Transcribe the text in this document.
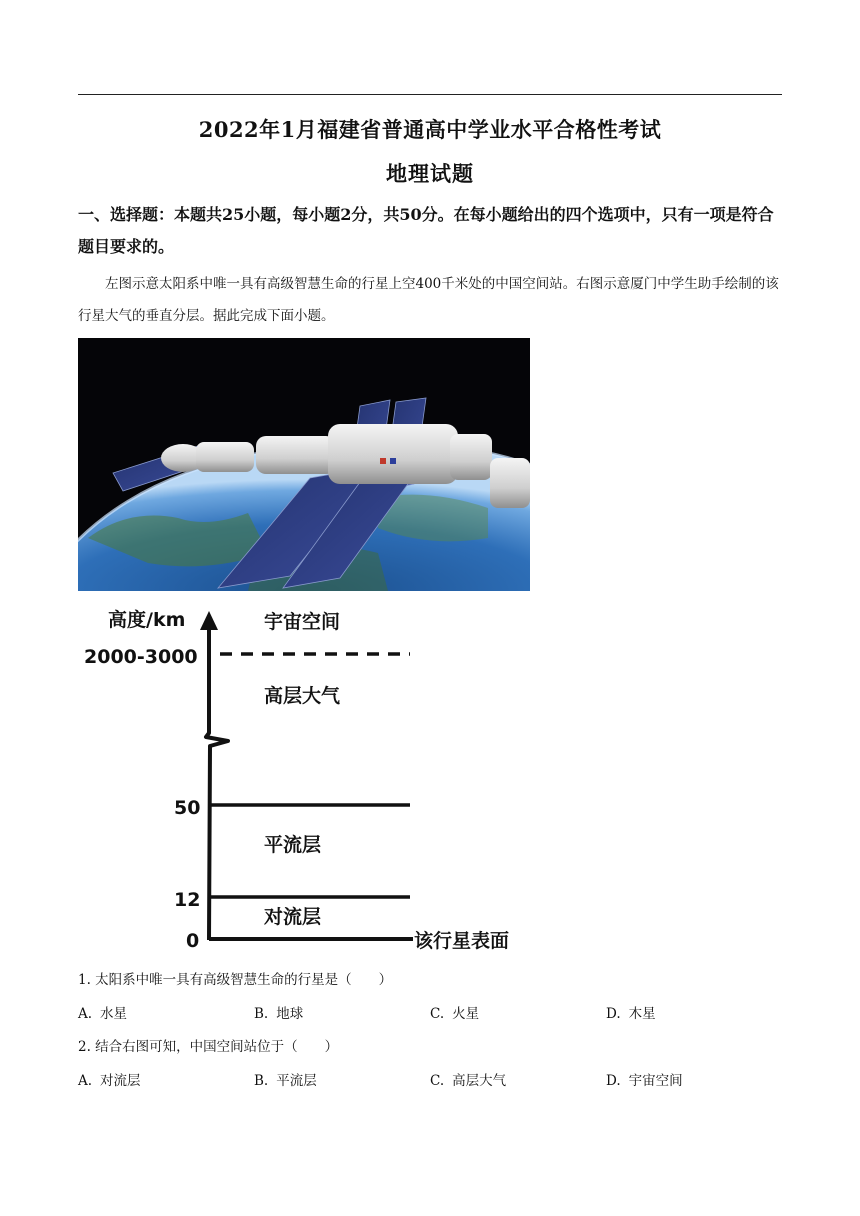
2022年1月福建省普通高中学业水平合格性考试
地理试题
一、选择题：本题共25小题，每小题2分，共50分。在每小题给出的四个选项中，只有一项是符合题目要求的。
左图示意太阳系中唯一具有高级智慧生命的行星上空400千米处的中国空间站。右图示意厦门中学生助手绘制的该行星大气的垂直分层。据此完成下面小题。
高度/km
2000-3000
50
12
0
宇宙空间
高层大气
平流层
对流层
该行星表面
1. 太阳系中唯一具有高级智慧生命的行星是（　　）
A. 水星	B. 地球	C. 火星	D. 木星
2. 结合右图可知，中国空间站位于（　　）
A. 对流层	B. 平流层	C. 高层大气	D. 宇宙空间
